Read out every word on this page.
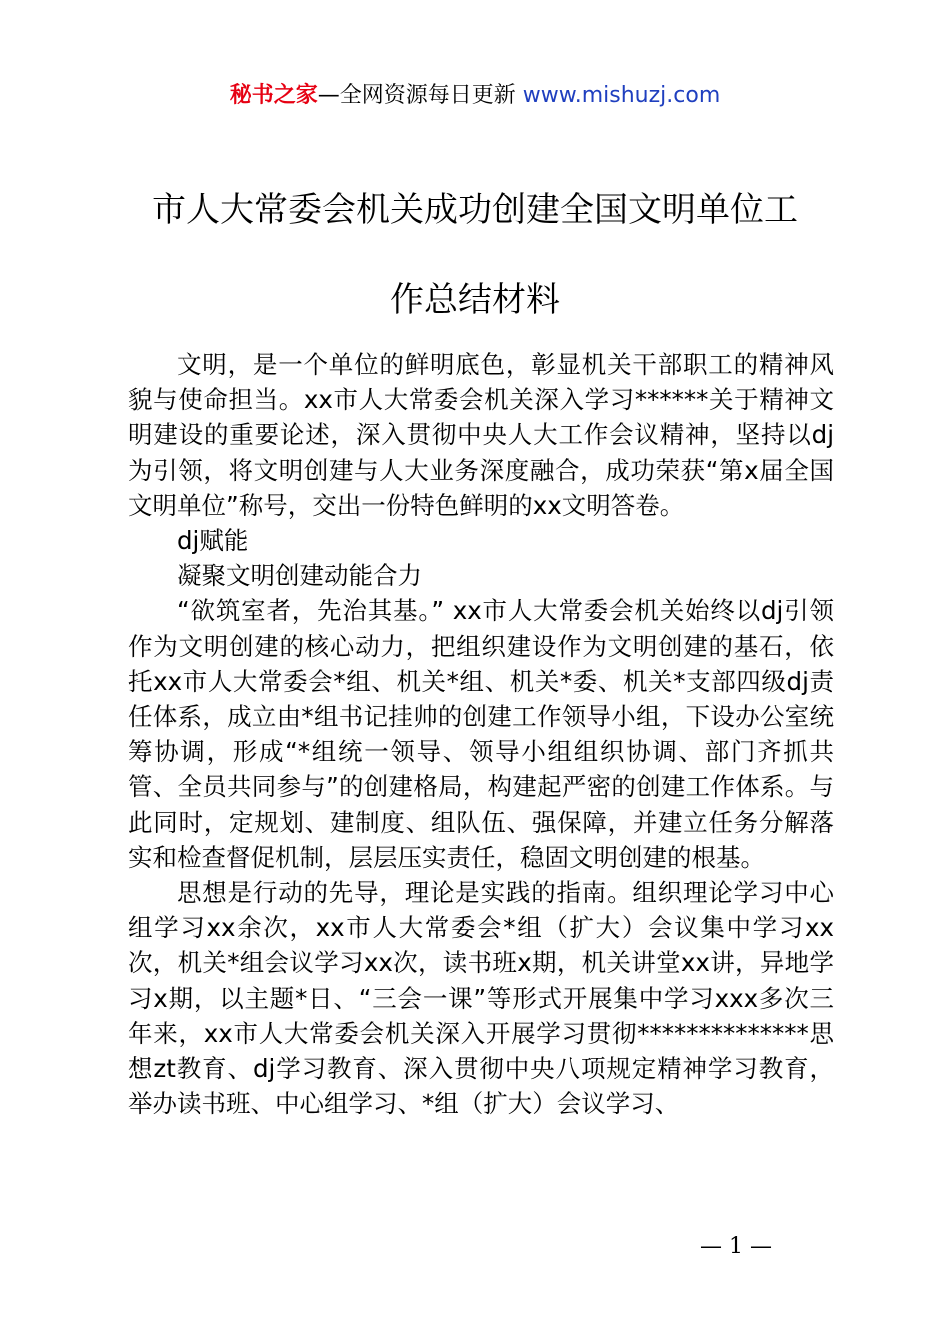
秘书之家—全网资源每日更新 www.mishuzj.com
市人大常委会机关成功创建全国文明单位工
作总结材料

文明，是一个单位的鲜明底色，彰显机关干部职工的精神风貌与使命担当。xx市人大常委会机关深入学习******关于精神文明建设的重要论述，深入贯彻中央人大工作会议精神，坚持以dj为引领，将文明创建与人大业务深度融合，成功荣获“第x届全国文明单位”称号，交出一份特色鲜明的xx文明答卷。

dj赋能

凝聚文明创建动能合力

“欲筑室者，先治其基。” xx市人大常委会机关始终以dj引领作为文明创建的核心动力，把组织建设作为文明创建的基石，依托xx市人大常委会*组、机关*组、机关*委、机关*支部四级dj责任体系，成立由*组书记挂帅的创建工作领导小组，下设办公室统筹协调，形成“*组统一领导、领导小组组织协调、部门齐抓共管、全员共同参与”的创建格局，构建起严密的创建工作体系。与此同时，定规划、建制度、组队伍、强保障，并建立任务分解落实和检查督促机制，层层压实责任，稳固文明创建的根基。

思想是行动的先导，理论是实践的指南。组织理论学习中心组学习xx余次，xx市人大常委会*组（扩大）会议集中学习xx次，机关*组会议学习xx次，读书班x期，机关讲堂xx讲，异地学习x期，以主题*日、“三会一课”等形式开展集中学习xxx多次三年来，xx市人大常委会机关深入开展学习贯彻**************思想zt教育、dj学习教育、深入贯彻中央八项规定精神学习教育，举办读书班、中心组学习、*组（扩大）会议学习、

— 1 —
